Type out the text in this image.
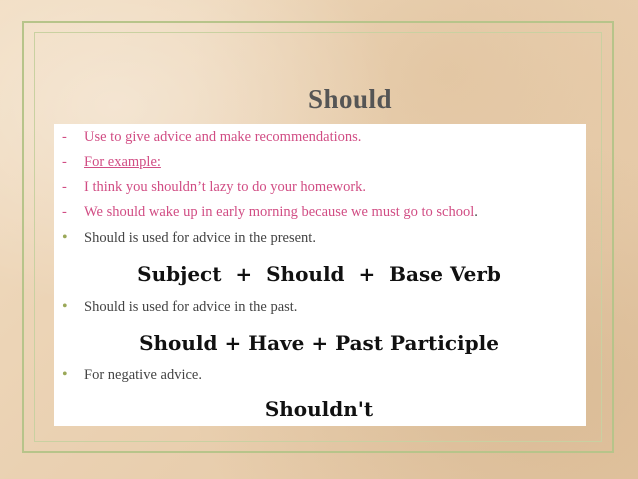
Should
- Use to give advice and make recommendations.
- For example:
- I think you shouldn’t lazy to do your homework.
- We should wake up in early morning because we must go to school.
• Should is used for advice in the present.
Subject  +  Should  +  Base Verb
• Should is used for advice in the past.
Should + Have + Past Participle
• For negative advice.
Shouldn't
